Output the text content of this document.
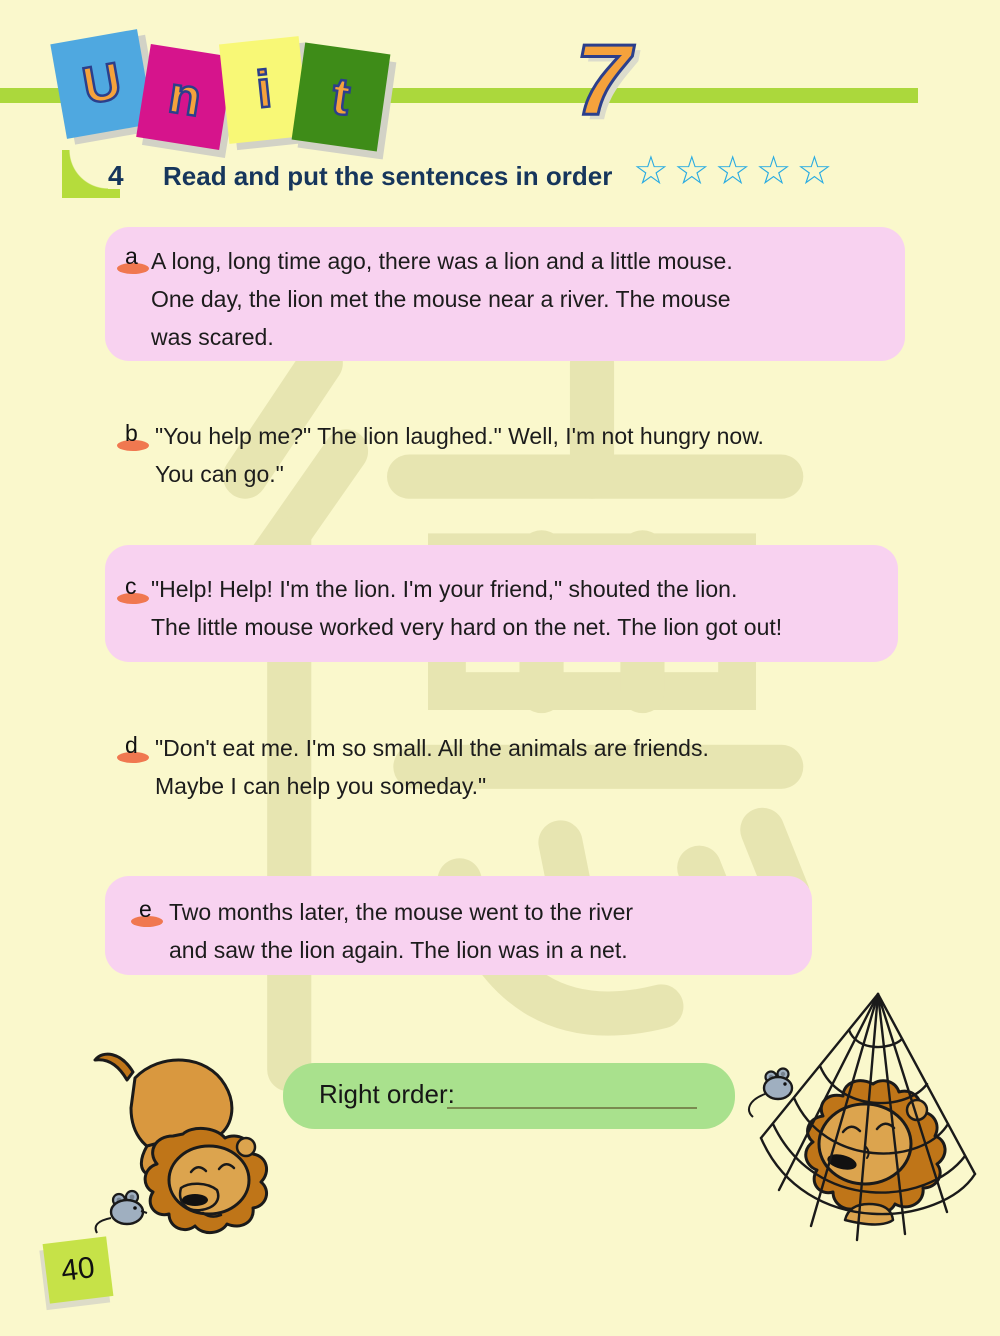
U n i t 7
4 Read and put the sentences in order ☆☆☆☆☆
a A long, long time ago, there was a lion and a little mouse.
One day, the lion met the mouse near a river. The mouse
was scared.
b "You help me?" The lion laughed." Well, I'm not hungry now.
You can go."
c "Help! Help! I'm the lion. I'm your friend," shouted the lion.
The little mouse worked very hard on the net. The lion got out!
d "Don't eat me. I'm so small. All the animals are friends.
Maybe I can help you someday."
e Two months later, the mouse went to the river
and saw the lion again. The lion was in a net.
Right order:
40
